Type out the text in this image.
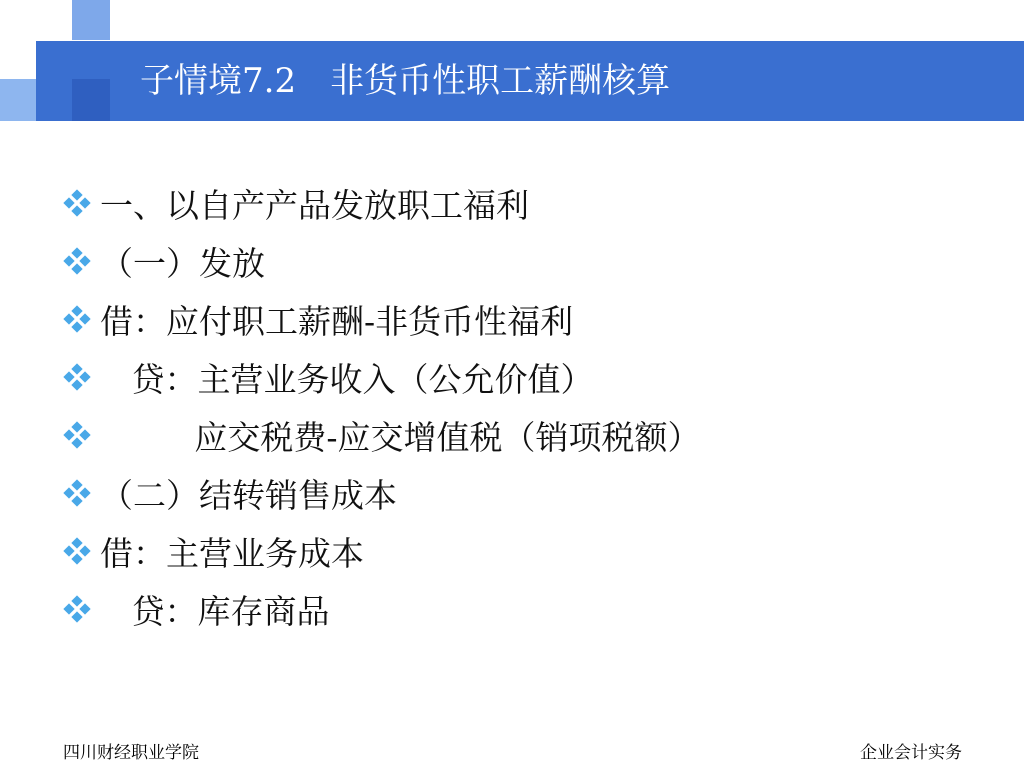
子情境7.2　非货币性职工薪酬核算
一、以自产产品发放职工福利
（一）发放
借：应付职工薪酬-非货币性福利
贷：主营业务收入（公允价值）
应交税费-应交增值税（销项税额）
（二）结转销售成本
借：主营业务成本
贷：库存商品
四川财经职业学院	企业会计实务
